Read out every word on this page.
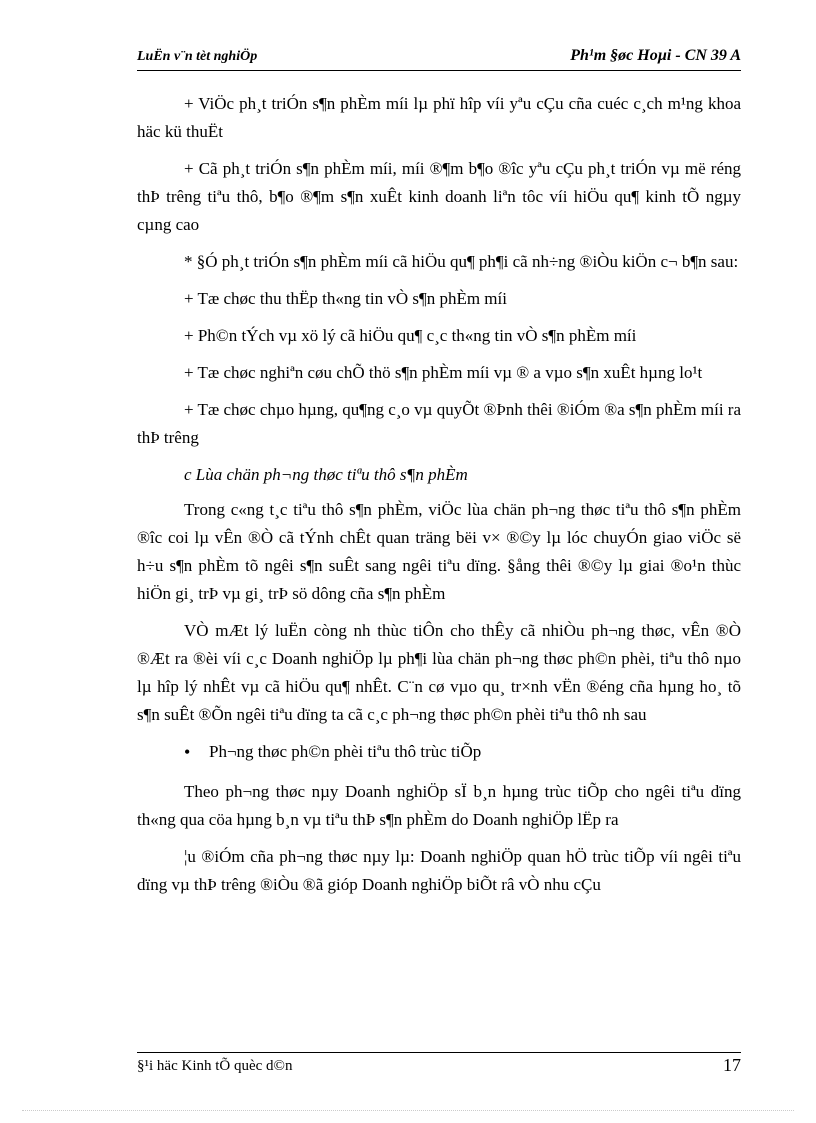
LuËn v¨n tèt nghiÖp	Ph¹m §øc Hoµi - CN 39 A

+ ViÖc ph¸t triÓn s¶n phÈm míi lµ phï hîp víi yªu cÇu cña cuéc c¸ch m¹ng khoa häc kü thuËt

+ Cã ph¸t triÓn s¶n phÈm míi, míi ®¶m b¶o ®îc yªu cÇu ph¸t triÓn vµ më réng thÞ trêng tiªu thô, b¶o ®¶m s¶n xuÊt kinh doanh liªn tôc víi hiÖu qu¶ kinh tÕ ngµy cµng cao

* §Ó ph¸t triÓn s¶n phÈm míi cã hiÖu qu¶ ph¶i cã nh÷ng ®iÒu kiÖn c¬ b¶n sau:

+ Tæ chøc thu thËp th«ng tin vÒ s¶n phÈm míi

+ Ph©n tÝch vµ xö lý cã hiÖu qu¶ c¸c th«ng tin vÒ s¶n phÈm míi

+ Tæ chøc nghiªn cøu chÕ thö s¶n phÈm míi vµ ® a vµo s¶n xuÊt hµng lo¹t

+ Tæ chøc chµo hµng, qu¶ng c¸o vµ quyÕt ®Þnh thêi ®iÓm ®a s¶n phÈm míi ra thÞ trêng

c Lùa chän ph¬ng thøc tiªu thô s¶n phÈm

Trong c«ng t¸c tiªu thô s¶n phÈm, viÖc lùa chän ph¬ng thøc tiªu thô s¶n phÈm ®îc coi lµ vÊn ®Ò cã tÝnh chÊt quan träng bëi v× ®©y lµ lóc chuyÓn giao viÖc së h÷u s¶n phÈm tõ ngêi s¶n suÊt sang ngêi tiªu dïng. §ång thêi ®©y lµ giai ®o¹n thùc hiÖn gi¸ trÞ vµ gi¸ trÞ sö dông cña s¶n phÈm

VÒ mÆt lý luËn còng nh thùc tiÔn cho thÊy cã nhiÒu ph¬ng thøc, vÊn ®Ò ®Æt ra ®èi víi c¸c Doanh nghiÖp lµ ph¶i lùa chän ph¬ng thøc ph©n phèi, tiªu thô nµo lµ hîp lý nhÊt vµ cã hiÖu qu¶ nhÊt. C¨n cø vµo qu¸ tr×nh vËn ®éng cña hµng ho¸ tõ s¶n suÊt ®Õn ngêi tiªu dïng ta cã c¸c ph¬ng thøc ph©n phèi tiªu thô nh sau

• Ph¬ng thøc ph©n phèi tiªu thô trùc tiÕp

Theo ph¬ng thøc nµy Doanh nghiÖp sÏ b¸n hµng trùc tiÕp cho ngêi tiªu dïng th«ng qua cöa hµng b¸n vµ tiªu thÞ s¶n phÈm do Doanh nghiÖp lËp ra

¦u ®iÓm cña ph¬ng thøc nµy lµ: Doanh nghiÖp quan hÖ trùc tiÕp víi ngêi tiªu dïng vµ thÞ trêng ®iÒu ®ã gióp Doanh nghiÖp biÕt râ vÒ nhu cÇu

§¹i häc Kinh tÕ quèc d©n	17
